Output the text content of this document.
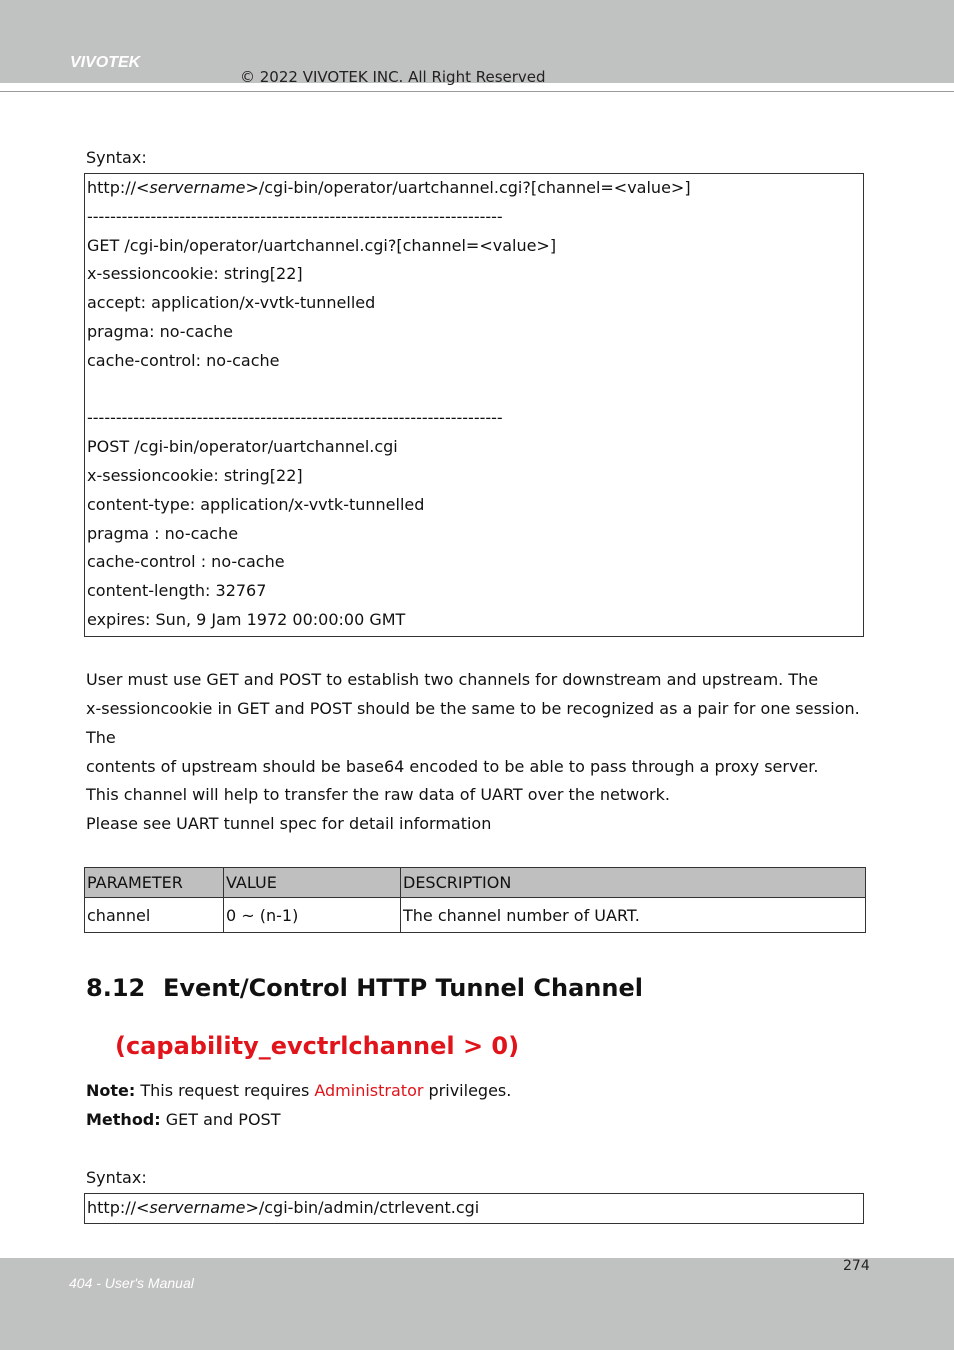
VIVOTEK
© 2022 VIVOTEK INC. All Right Reserved
Syntax:
http://<servername>/cgi-bin/operator/uartchannel.cgi?[channel=<value>]
------------------------------------------------------------------------
GET /cgi-bin/operator/uartchannel.cgi?[channel=<value>]
x-sessioncookie: string[22]
accept: application/x-vvtk-tunnelled
pragma: no-cache
cache-control: no-cache
------------------------------------------------------------------------
POST /cgi-bin/operator/uartchannel.cgi
x-sessioncookie: string[22]
content-type: application/x-vvtk-tunnelled
pragma : no-cache
cache-control : no-cache
content-length: 32767
expires: Sun, 9 Jam 1972 00:00:00 GMT
User must use GET and POST to establish two channels for downstream and upstream. The
x-sessioncookie in GET and POST should be the same to be recognized as a pair for one session. The
contents of upstream should be base64 encoded to be able to pass through a proxy server.
This channel will help to transfer the raw data of UART over the network.
Please see UART tunnel spec for detail information
PARAMETER	VALUE	DESCRIPTION
channel	0 ~ (n-1)	The channel number of UART.
8.12 Event/Control HTTP Tunnel Channel
(capability_evctrlchannel > 0)
Note: This request requires Administrator privileges.
Method: GET and POST
Syntax:
http://<servername>/cgi-bin/admin/ctrlevent.cgi
274
404 - User's Manual
